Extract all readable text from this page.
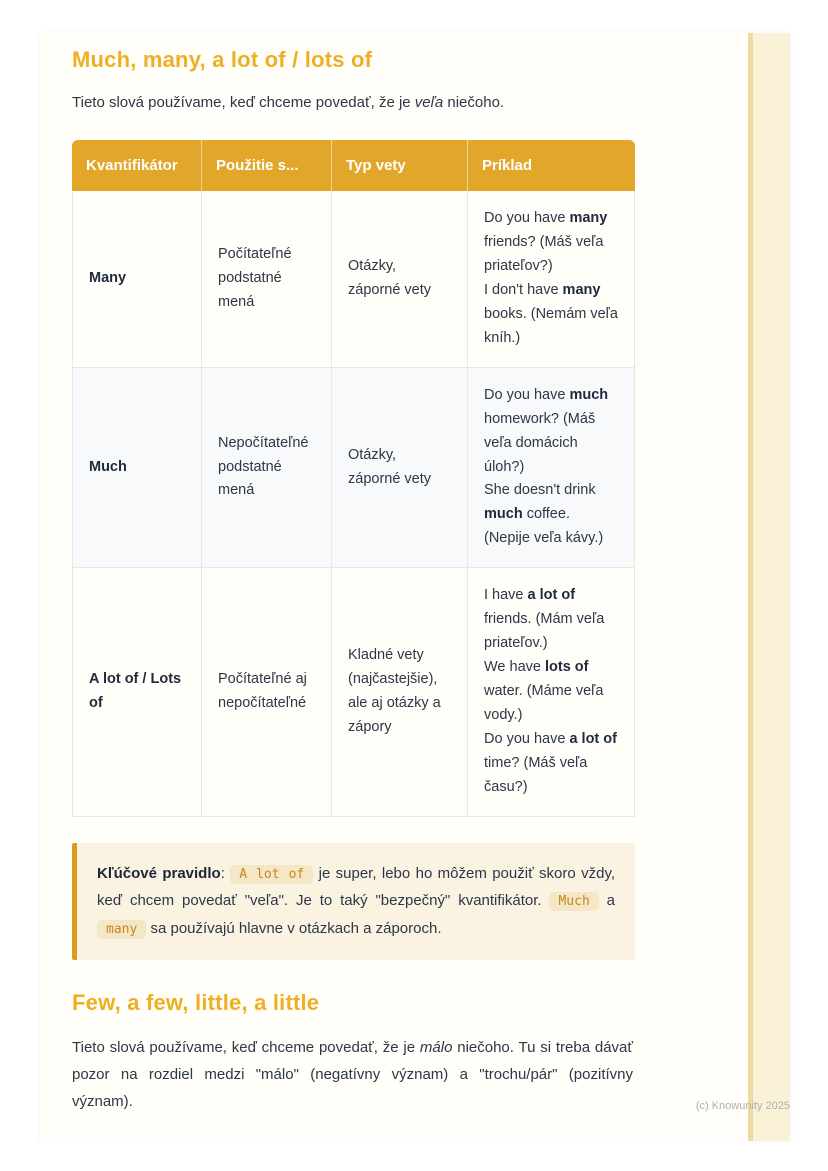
Much, many, a lot of / lots of

Tieto slová používame, keď chceme povedať, že je veľa niečoho.

Kvantifikátor	Použitie s...	Typ vety	Príklad
Many	Počítateľné podstatné mená	Otázky, záporné vety	Do you have many friends? (Máš veľa priateľov?)
I don't have many books. (Nemám veľa kníh.)
Much	Nepočítateľné podstatné mená	Otázky, záporné vety	Do you have much homework? (Máš veľa domácich úloh?)
She doesn't drink much coffee. (Nepije veľa kávy.)
A lot of / Lots of	Počítateľné aj nepočítateľné	Kladné vety (najčastejšie), ale aj otázky a zápory	I have a lot of friends. (Mám veľa priateľov.)
We have lots of water. (Máme veľa vody.)
Do you have a lot of time? (Máš veľa času?)

Kľúčové pravidlo: A lot of je super, lebo ho môžem použiť skoro vždy, keď chcem povedať "veľa". Je to taký "bezpečný" kvantifikátor. Much a many sa používajú hlavne v otázkach a záporoch.

Few, a few, little, a little

Tieto slová používame, keď chceme povedať, že je málo niečoho. Tu si treba dávať pozor na rozdiel medzi "málo" (negatívny význam) a "trochu/pár" (pozitívny význam).	(c) Knowunity 2025
